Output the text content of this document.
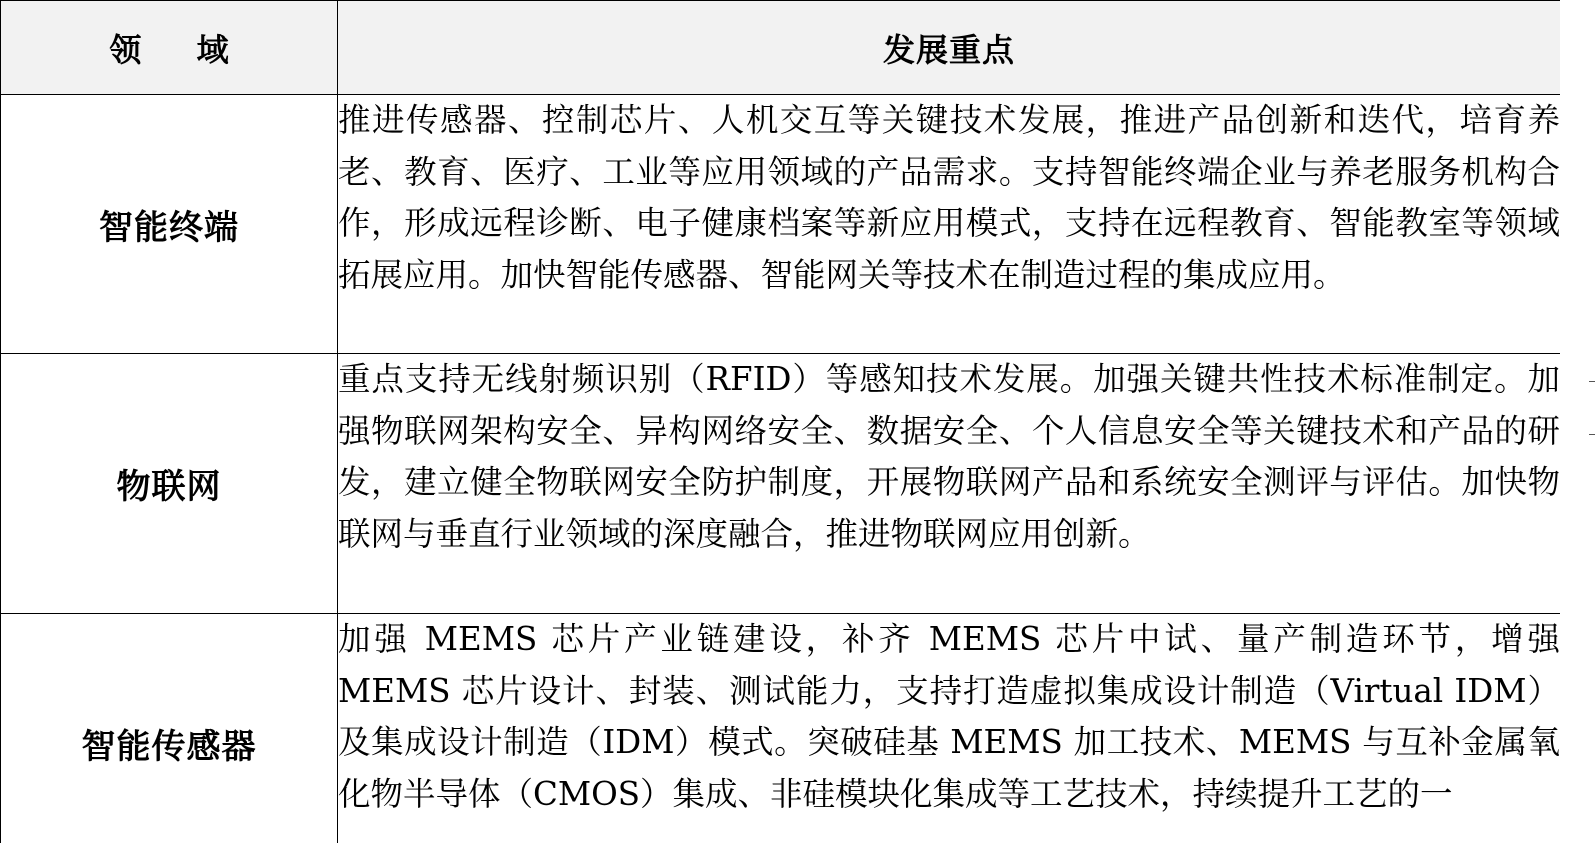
领 域	发展重点
智能终端	推进传感器、控制芯片、人机交互等关键技术发展，推进产品创新和迭代，培育养老、教育、医疗、工业等应用领域的产品需求。支持智能终端企业与养老服务机构合作，形成远程诊断、电子健康档案等新应用模式，支持在远程教育、智能教室等领域拓展应用。加快智能传感器、智能网关等技术在制造过程的集成应用。
物联网	重点支持无线射频识别（RFID）等感知技术发展。加强关键共性技术标准制定。加强物联网架构安全、异构网络安全、数据安全、个人信息安全等关键技术和产品的研发，建立健全物联网安全防护制度，开展物联网产品和系统安全测评与评估。加快物联网与垂直行业领域的深度融合，推进物联网应用创新。
智能传感器	加强 MEMS 芯片产业链建设，补齐 MEMS 芯片中试、量产制造环节，增强 MEMS 芯片设计、封装、测试能力，支持打造虚拟集成设计制造（Virtual IDM）及集成设计制造（IDM）模式。突破硅基 MEMS 加工技术、MEMS 与互补金属氧化物半导体（CMOS）集成、非硅模块化集成等工艺技术，持续提升工艺的一
